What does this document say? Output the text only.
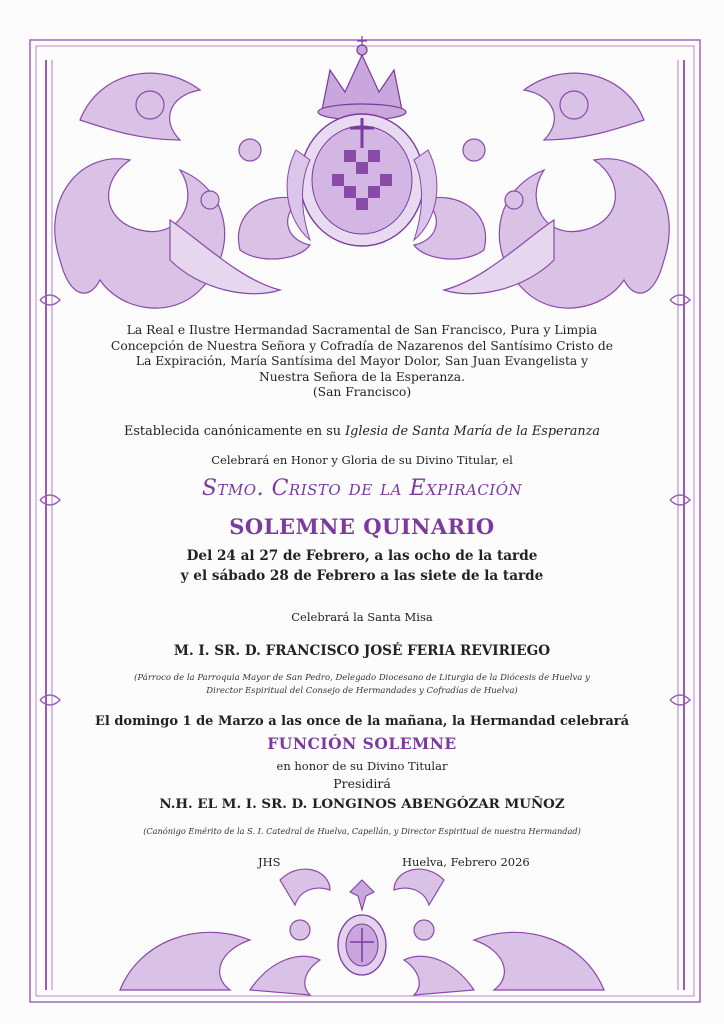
La Real e Ilustre Hermandad Sacramental de San Francisco, Pura y Limpia
Concepción de Nuestra Señora y Cofradía de Nazarenos del Santísimo Cristo de
La Expiración, María Santísima del Mayor Dolor, San Juan Evangelista y
Nuestra Señora de la Esperanza.
(San Francisco)
Establecida canónicamente en su Iglesia de Santa María de la Esperanza
Celebrará en Honor y Gloria de su Divino Titular, el
Stmo. Cristo de la Expiración
SOLEMNE QUINARIO
Del 24 al 27 de Febrero, a las ocho de la tarde
y el sábado 28 de Febrero a las siete de la tarde
Celebrará la Santa Misa
M. I. SR. D. FRANCISCO JOSÉ FERIA REVIRIEGO
(Párroco de la Parroquia Mayor de San Pedro, Delegado Diocesano de Liturgia de la Diócesis de Huelva y
Director Espiritual del Consejo de Hermandades y Cofradías de Huelva)
El domingo 1 de Marzo a las once de la mañana, la Hermandad celebrará
FUNCIÓN SOLEMNE
en honor de su Divino Titular
Presidirá
N.H. EL M. I. SR. D. LONGINOS ABENGÓZAR MUÑOZ
(Canónigo Emérito de la S. I. Catedral de Huelva, Capellán, y Director Espiritual de nuestra Hermandad)
JHS	Huelva, Febrero 2026
